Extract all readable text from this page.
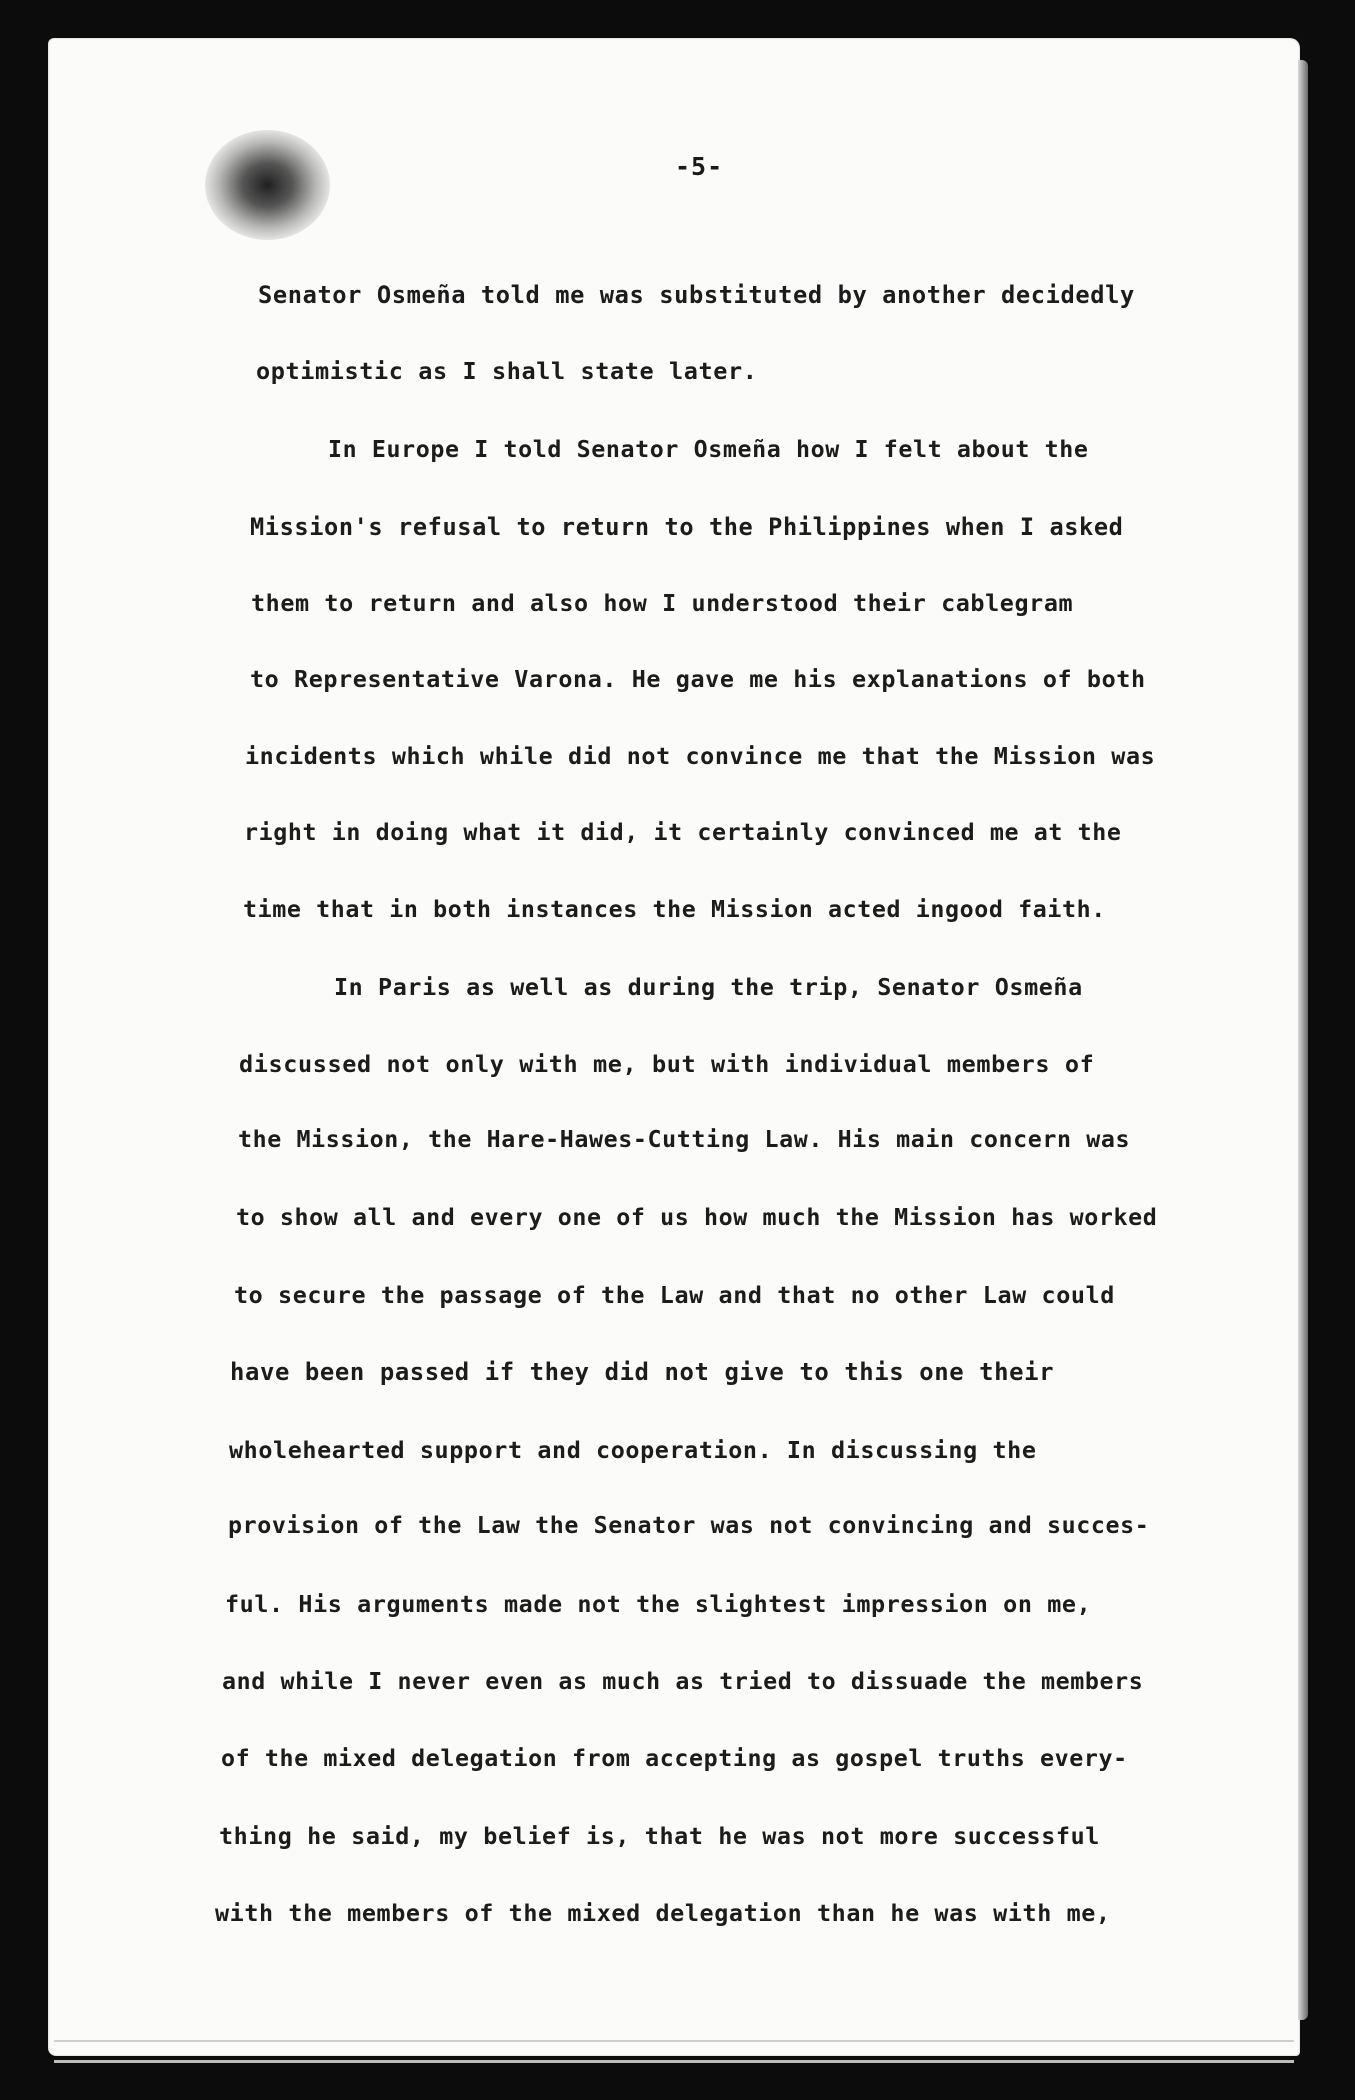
-5-
Senator Osmeña told me was substituted by another decidedly
optimistic as I shall state later.
In Europe I told Senator Osmeña how I felt about the
Mission's refusal to return to the Philippines when I asked
them to return and also how I understood their cablegram
to Representative Varona. He gave me his explanations of both
incidents which while did not convince me that the Mission was
right in doing what it did, it certainly convinced me at the
time that in both instances the Mission acted ingood faith.
In Paris as well as during the trip, Senator Osmeña
discussed not only with me, but with individual members of
the Mission, the Hare-Hawes-Cutting Law. His main concern was
to show all and every one of us how much the Mission has worked
to secure the passage of the Law and that no other Law could
have been passed if they did not give to this one their
wholehearted support and cooperation. In discussing the
provision of the Law the Senator was not convincing and succes-
ful. His arguments made not the slightest impression on me,
and while I never even as much as tried to dissuade the members
of the mixed delegation from accepting as gospel truths every-
thing he said, my belief is, that he was not more successful
with the members of the mixed delegation than he was with me,
